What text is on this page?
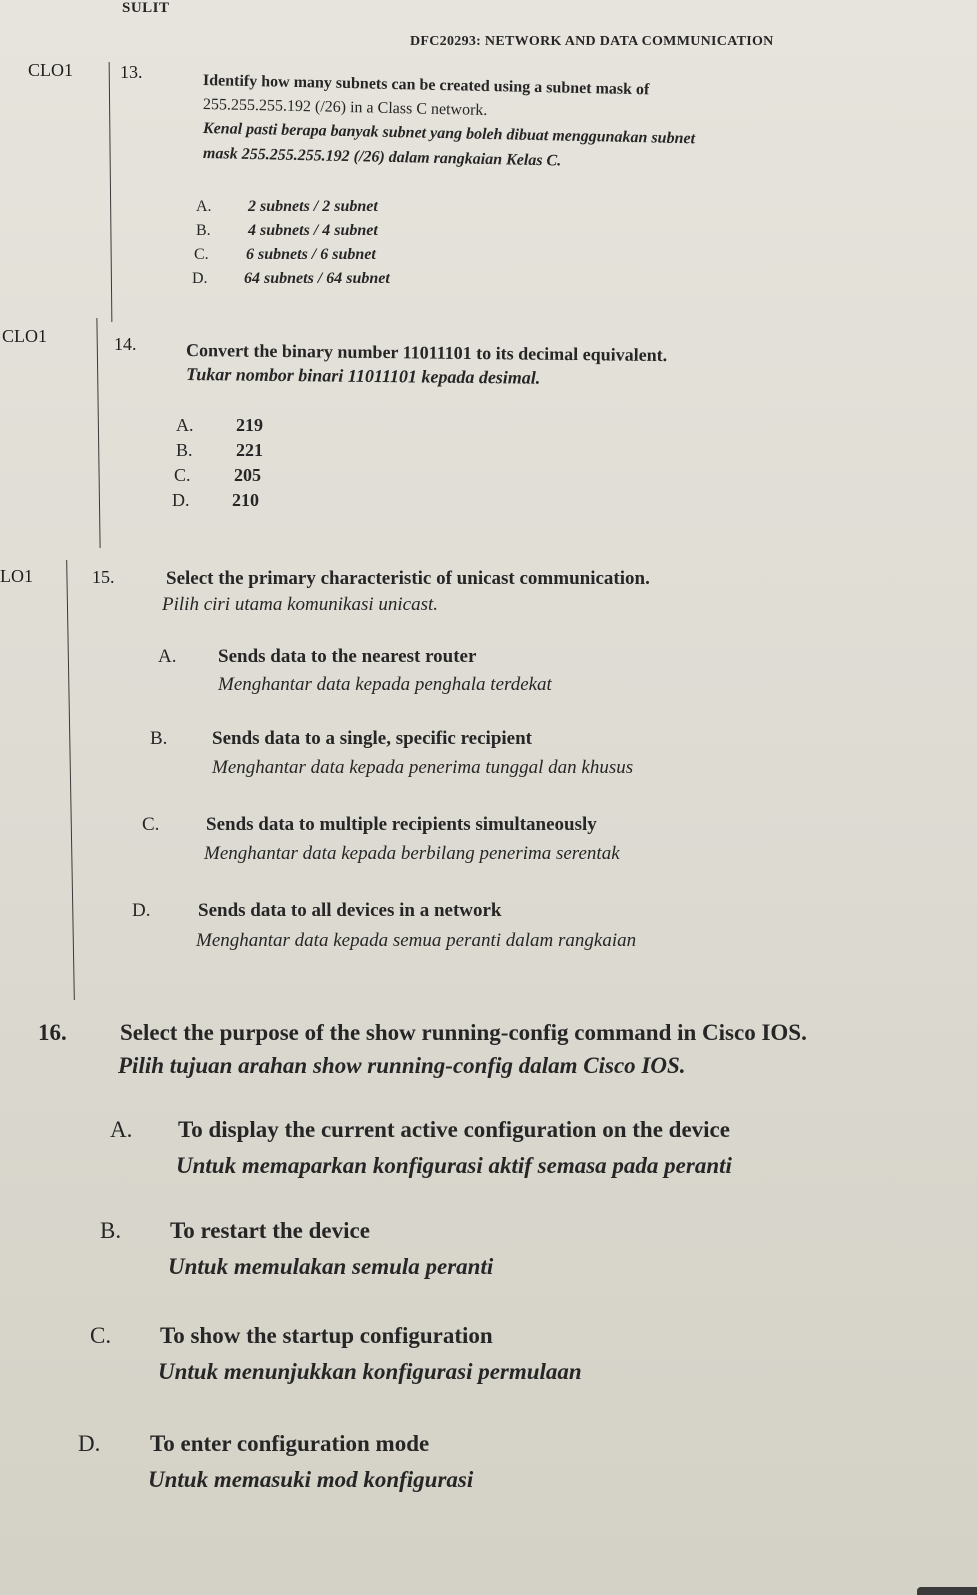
SULIT
DFC20293: NETWORK AND DATA COMMUNICATION
CLO1	13.
Identify how many subnets can be created using a subnet mask of
255.255.255.192 (/26) in a Class C network.
Kenal pasti berapa banyak subnet yang boleh dibuat menggunakan subnet
mask 255.255.255.192 (/26) dalam rangkaian Kelas C.
A. 2 subnets / 2 subnet
B. 4 subnets / 4 subnet
C. 6 subnets / 6 subnet
D. 64 subnets / 64 subnet
CLO1	14.	Convert the binary number 11011101 to its decimal equivalent.
Tukar nombor binari 11011101 kepada desimal.
A. 219
B. 221
C. 205
D. 210
LO1	15.	Select the primary characteristic of unicast communication.
Pilih ciri utama komunikasi unicast.
A. Sends data to the nearest router
Menghantar data kepada penghala terdekat
B. Sends data to a single, specific recipient
Menghantar data kepada penerima tunggal dan khusus
C. Sends data to multiple recipients simultaneously
Menghantar data kepada berbilang penerima serentak
D.	Sends data to all devices in a network
Menghantar data kepada semua peranti dalam rangkaian
16. Select the purpose of the show running-config command in Cisco IOS.
Pilih tujuan arahan show running-config dalam Cisco IOS.
A. To display the current active configuration on the device
Untuk memaparkan konfigurasi aktif semasa pada peranti
B. To restart the device
Untuk memulakan semula peranti
C. To show the startup configuration
Untuk menunjukkan konfigurasi permulaan
D. To enter configuration mode
Untuk memasuki mod konfigurasi
